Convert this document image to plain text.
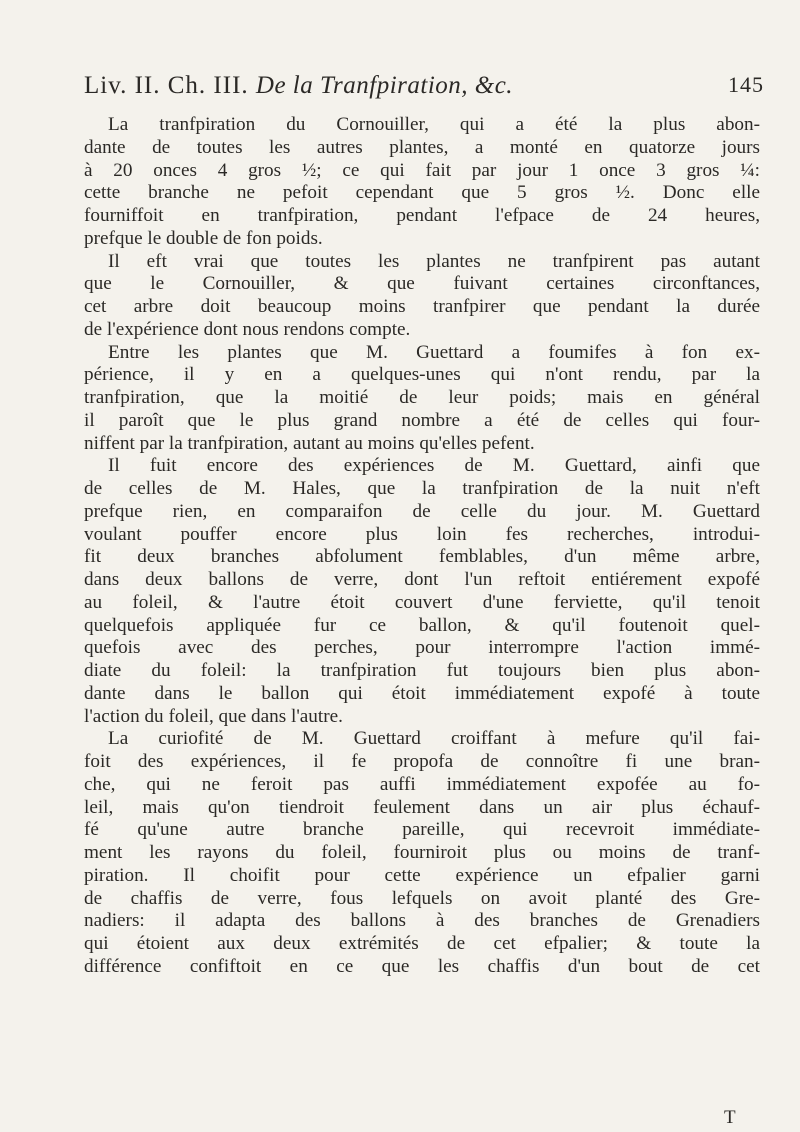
Liv. II. Ch. III. De la Tranfpiration, &c.	145
La tranfpiration du Cornouiller, qui a été la plus abon-
dante de toutes les autres plantes, a monté en quatorze jours
à 20 onces 4 gros ½; ce qui fait par jour 1 once 3 gros ¼:
cette branche ne pefoit cependant que 5 gros ½. Donc elle
fourniffoit en tranfpiration, pendant l'efpace de 24 heures,
prefque le double de fon poids.
Il eft vrai que toutes les plantes ne tranfpirent pas autant
que le Cornouiller, & que fuivant certaines circonftances,
cet arbre doit beaucoup moins tranfpirer que pendant la durée
de l'expérience dont nous rendons compte.
Entre les plantes que M. Guettard a foumifes à fon ex-
périence, il y en a quelques-unes qui n'ont rendu, par la
tranfpiration, que la moitié de leur poids; mais en général
il paroît que le plus grand nombre a été de celles qui four-
niffent par la tranfpiration, autant au moins qu'elles pefent.
Il fuit encore des expériences de M. Guettard, ainfi que
de celles de M. Hales, que la tranfpiration de la nuit n'eft
prefque rien, en comparaifon de celle du jour. M. Guettard
voulant pouffer encore plus loin fes recherches, introdui-
fit deux branches abfolument femblables, d'un même arbre,
dans deux ballons de verre, dont l'un reftoit entiérement expofé
au foleil, & l'autre étoit couvert d'une ferviette, qu'il tenoit
quelquefois appliquée fur ce ballon, & qu'il foutenoit quel-
quefois avec des perches, pour interrompre l'action immé-
diate du foleil: la tranfpiration fut toujours bien plus abon-
dante dans le ballon qui étoit immédiatement expofé à toute
l'action du foleil, que dans l'autre.
La curiofité de M. Guettard croiffant à mefure qu'il fai-
foit des expériences, il fe propofa de connoître fi une bran-
che, qui ne feroit pas auffi immédiatement expofée au fo-
leil, mais qu'on tiendroit feulement dans un air plus échauf-
fé qu'une autre branche pareille, qui recevroit immédiate-
ment les rayons du foleil, fourniroit plus ou moins de tranf-
piration. Il choifit pour cette expérience un efpalier garni
de chaffis de verre, fous lefquels on avoit planté des Gre-
nadiers: il adapta des ballons à des branches de Grenadiers
qui étoient aux deux extrémités de cet efpalier; & toute la
différence confiftoit en ce que les chaffis d'un bout de cet
T
